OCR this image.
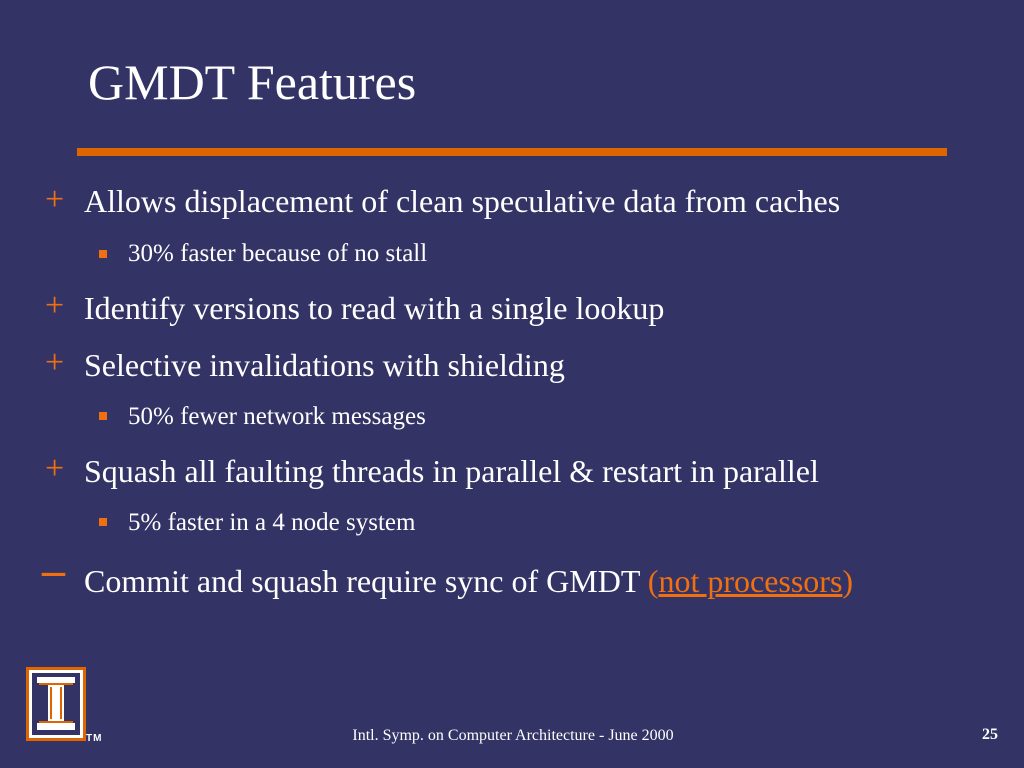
GMDT Features
+ Allows displacement of clean speculative data from caches
30% faster because of no stall
+ Identify versions to read with a single lookup
+ Selective invalidations with shielding
50% fewer network messages
+ Squash all faulting threads in parallel & restart in parallel
5% faster in a 4 node system
– Commit and squash require sync of GMDT (not processors)
TM	Intl. Symp. on Computer Architecture - June 2000	25
